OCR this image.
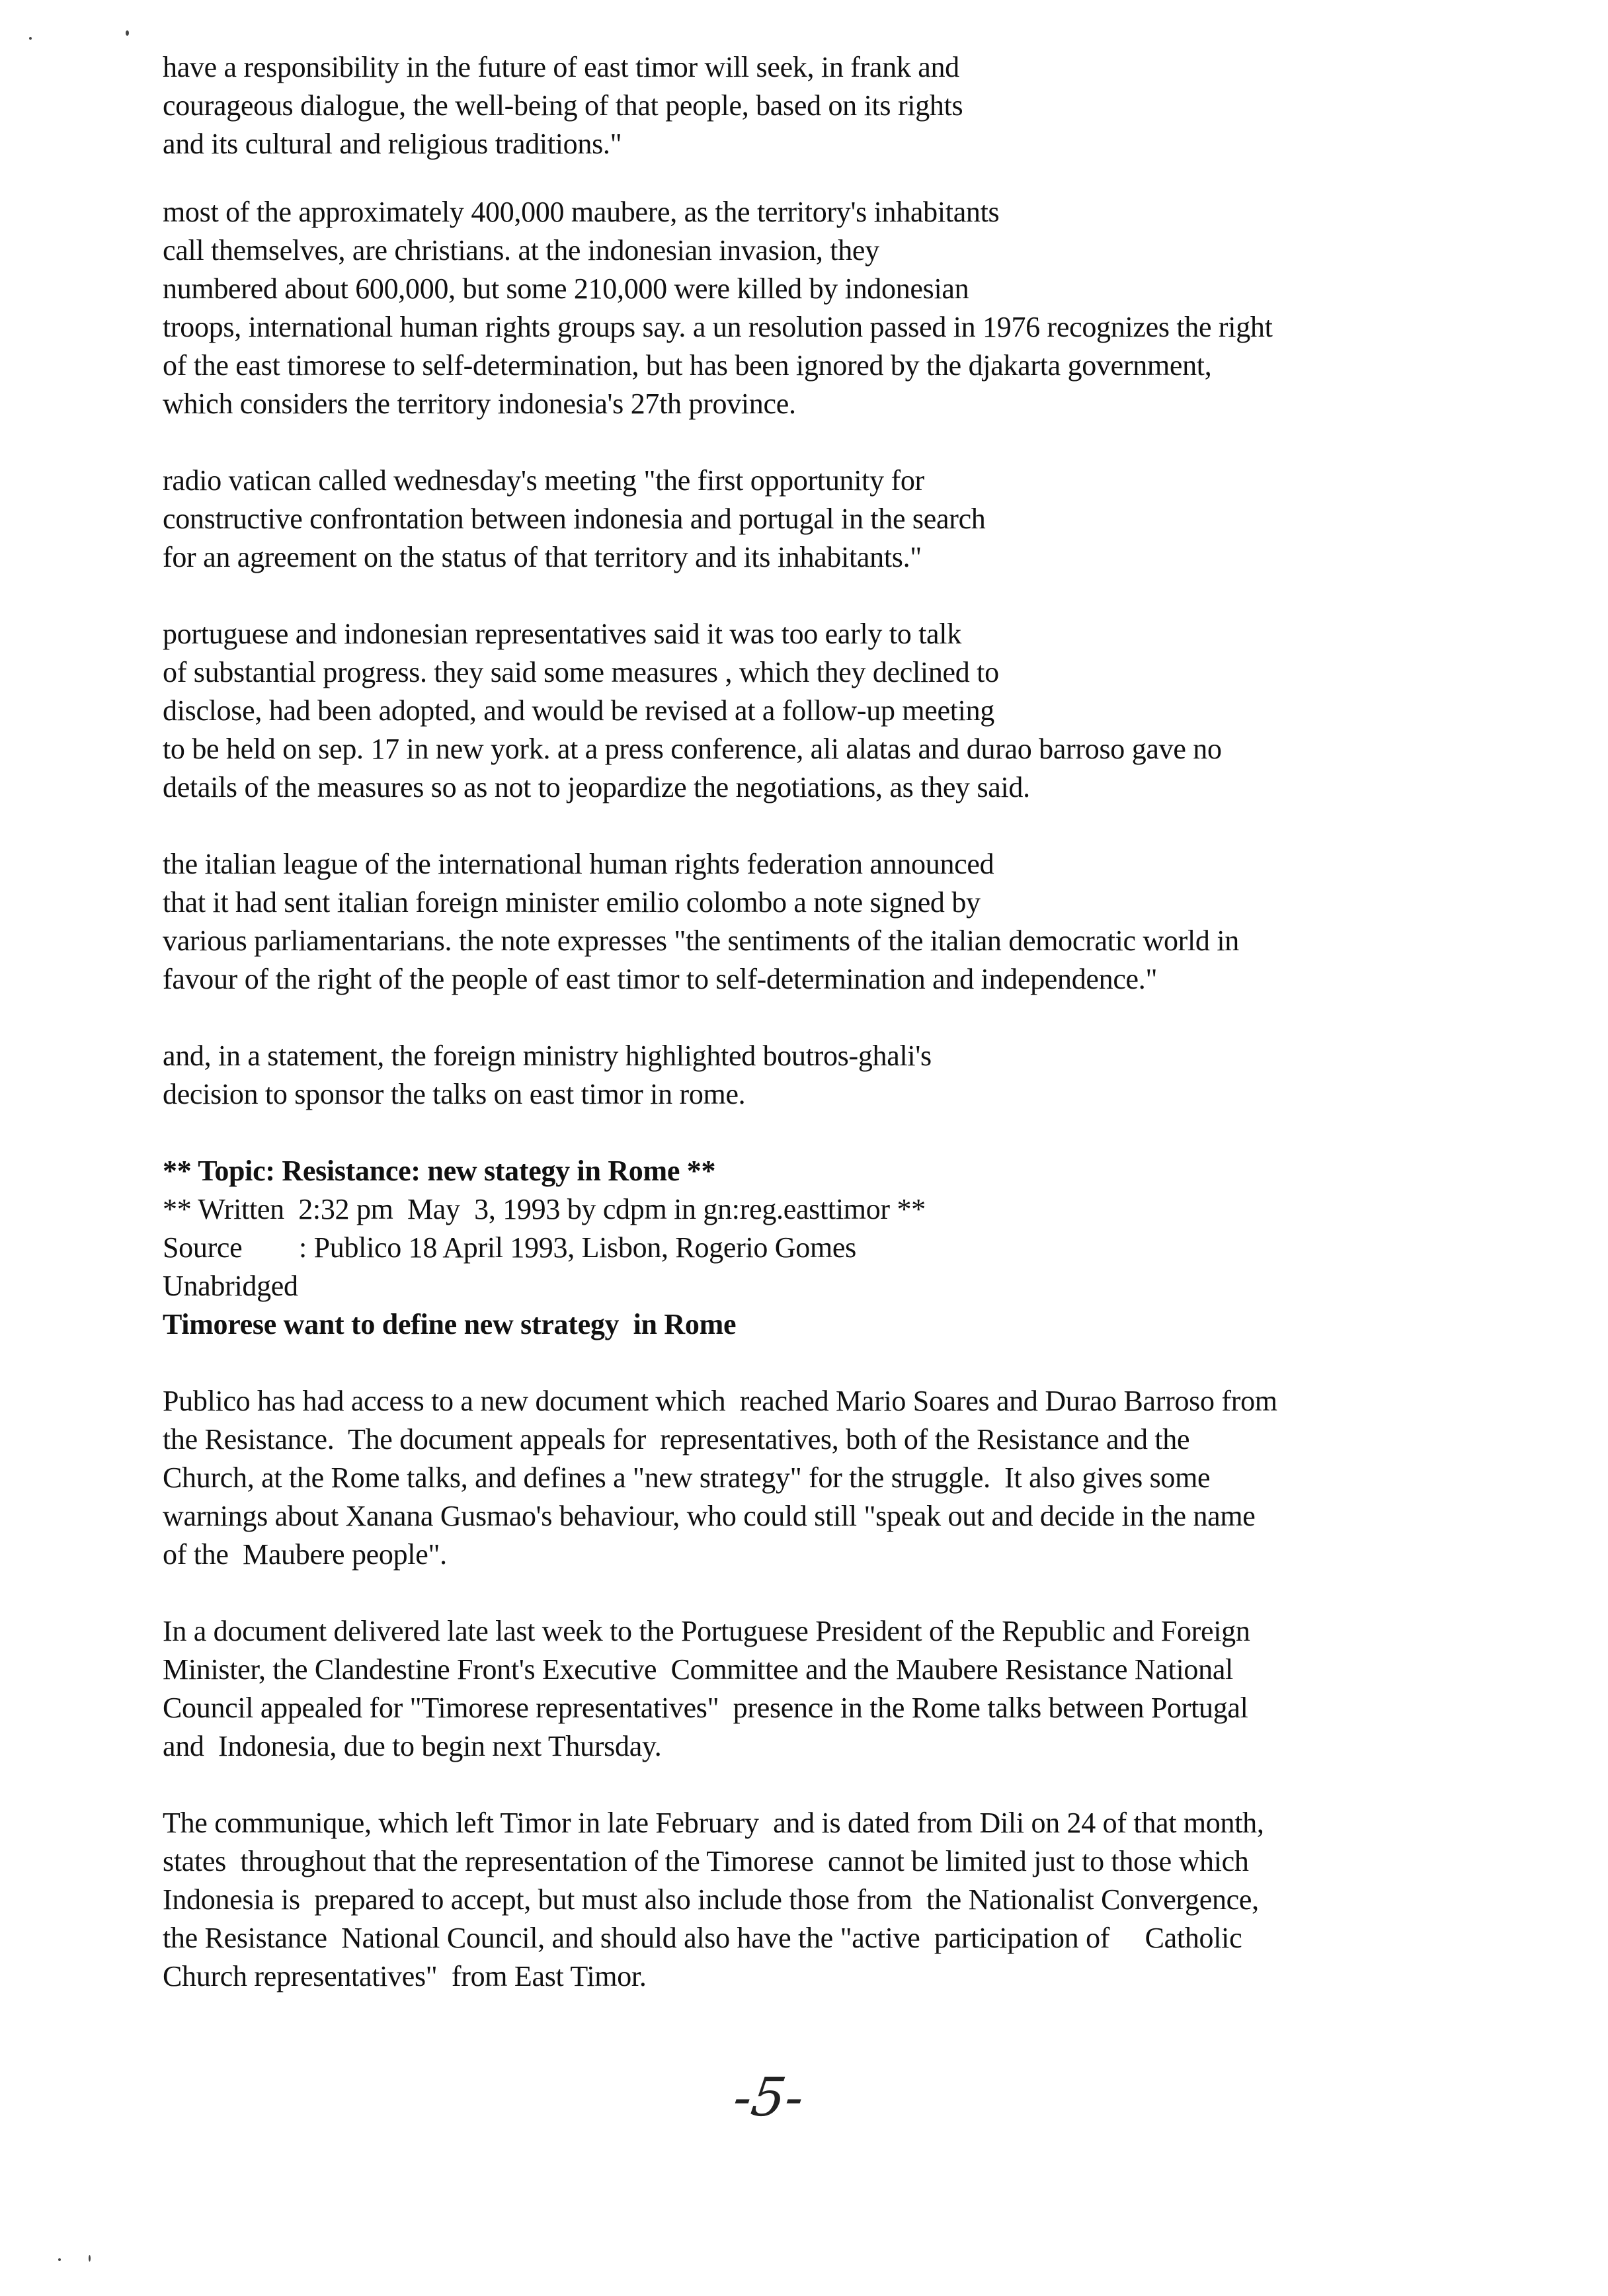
have a responsibility in the future of east timor will seek, in frank and
courageous dialogue, the well-being of that people, based on its rights
and its cultural and religious traditions."
most of the approximately 400,000 maubere, as the territory's inhabitants
call themselves, are christians. at the indonesian invasion, they
numbered about 600,000, but some 210,000 were killed by indonesian
troops, international human rights groups say. a un resolution passed in 1976 recognizes the right
of the east timorese to self-determination, but has been ignored by the djakarta government,
which considers the territory indonesia's 27th province.
radio vatican called wednesday's meeting "the first opportunity for
constructive confrontation between indonesia and portugal in the search
for an agreement on the status of that territory and its inhabitants."
portuguese and indonesian representatives said it was too early to talk
of substantial progress. they said some measures , which they declined to
disclose, had been adopted, and would be revised at a follow-up meeting
to be held on sep. 17 in new york. at a press conference, ali alatas and durao barroso gave no
details of the measures so as not to jeopardize the negotiations, as they said.
the italian league of the international human rights federation announced
that it had sent italian foreign minister emilio colombo a note signed by
various parliamentarians. the note expresses "the sentiments of the italian democratic world in
favour of the right of the people of east timor to self-determination and independence."
and, in a statement, the foreign ministry highlighted boutros-ghali's
decision to sponsor the talks on east timor in rome.
** Topic: Resistance: new stategy in Rome **
** Written  2:32 pm  May  3, 1993 by cdpm in gn:reg.easttimor **
Source        : Publico 18 April 1993, Lisbon, Rogerio Gomes
Unabridged
Timorese want to define new strategy  in Rome
Publico has had access to a new document which  reached Mario Soares and Durao Barroso from
the Resistance.  The document appeals for  representatives, both of the Resistance and the
Church, at the Rome talks, and defines a "new strategy" for the struggle.  It also gives some
warnings about Xanana Gusmao's behaviour, who could still "speak out and decide in the name
of the  Maubere people".
In a document delivered late last week to the Portuguese President of the Republic and Foreign
Minister, the Clandestine Front's Executive  Committee and the Maubere Resistance National
Council appealed for "Timorese representatives"  presence in the Rome talks between Portugal
and  Indonesia, due to begin next Thursday.
The communique, which left Timor in late February  and is dated from Dili on 24 of that month,
states  throughout that the representation of the Timorese  cannot be limited just to those which
Indonesia is  prepared to accept, but must also include those from  the Nationalist Convergence,
the Resistance  National Council, and should also have the "active  participation of     Catholic
Church representatives"  from East Timor.
-5-
